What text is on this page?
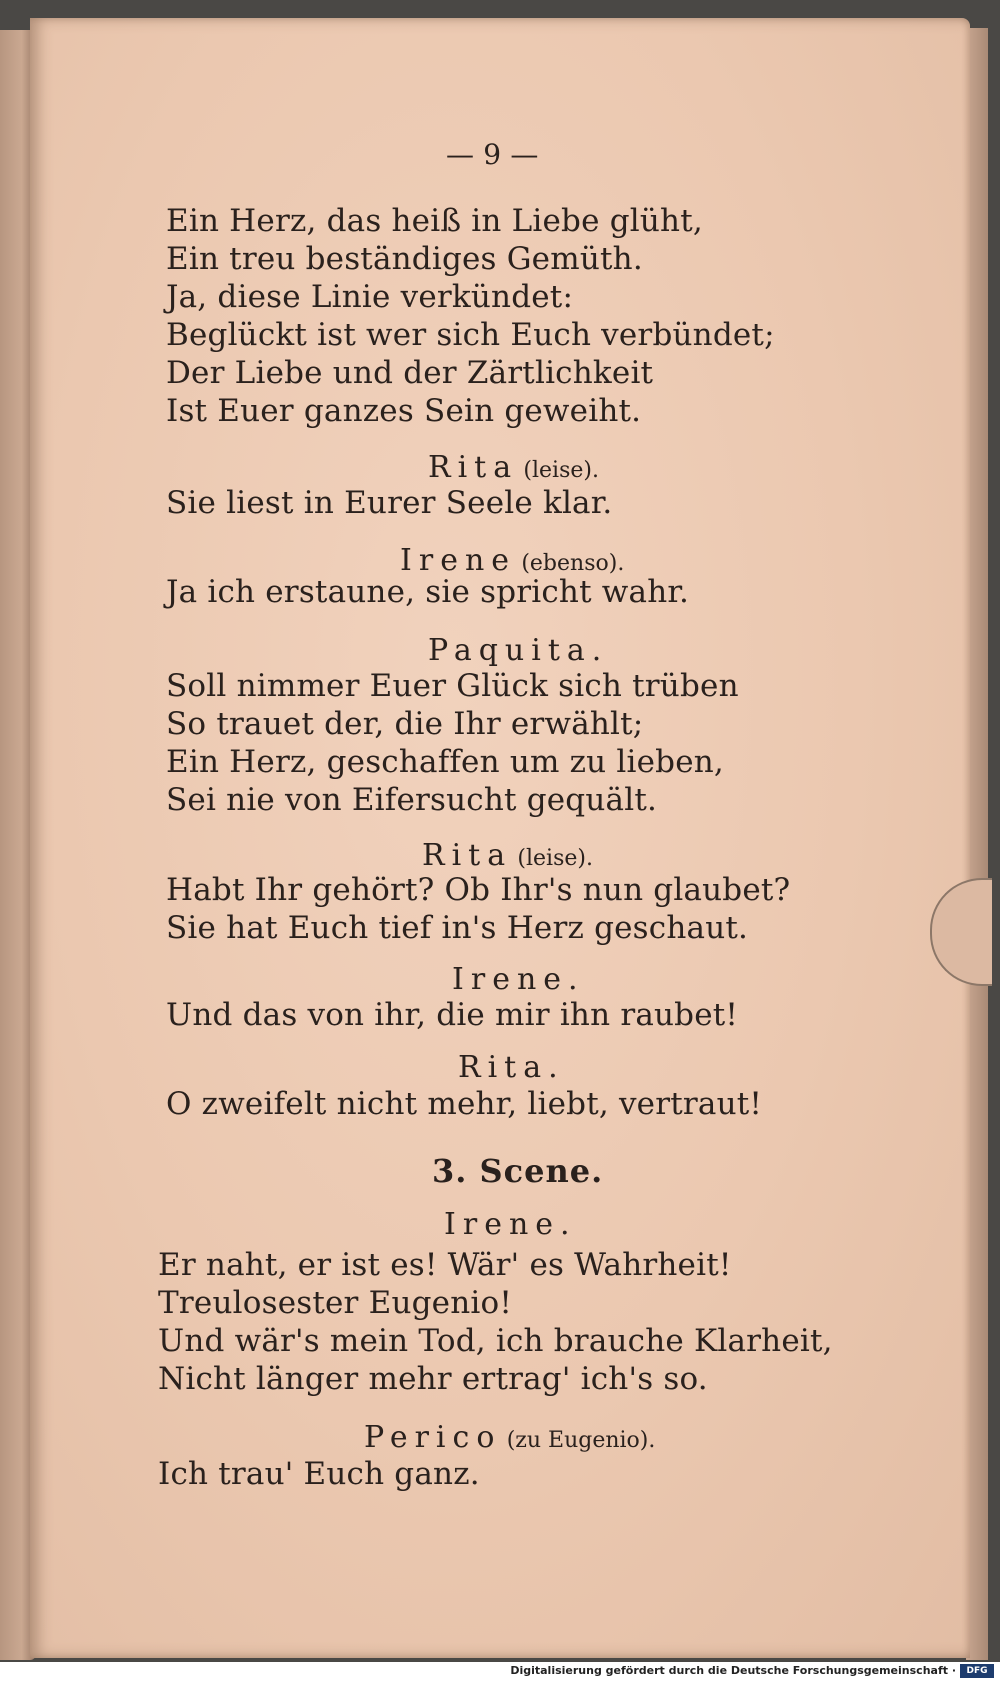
— 9 —
Ein Herz, das heiß in Liebe glüht,
Ein treu beständiges Gemüth.
Ja, diese Linie verkündet:
Beglückt ist wer sich Euch verbündet;
Der Liebe und der Zärtlichkeit
Ist Euer ganzes Sein geweiht.
Rita (leise).
Sie liest in Eurer Seele klar.
Irene (ebenso).
Ja ich erstaune, sie spricht wahr.
Paquita.
Soll nimmer Euer Glück sich trüben
So trauet der, die Ihr erwählt;
Ein Herz, geschaffen um zu lieben,
Sei nie von Eifersucht gequält.
Rita (leise).
Habt Ihr gehört? Ob Ihr's nun glaubet?
Sie hat Euch tief in's Herz geschaut.
Irene.
Und das von ihr, die mir ihn raubet!
Rita.
O zweifelt nicht mehr, liebt, vertraut!
3. Scene.
Irene.
Er naht, er ist es! Wär' es Wahrheit!
Treulosester Eugenio!
Und wär's mein Tod, ich brauche Klarheit,
Nicht länger mehr ertrag' ich's so.
Perico (zu Eugenio).
Ich trau' Euch ganz.
Digitalisierung gefördert durch die Deutsche Forschungsgemeinschaft ·	DFG
